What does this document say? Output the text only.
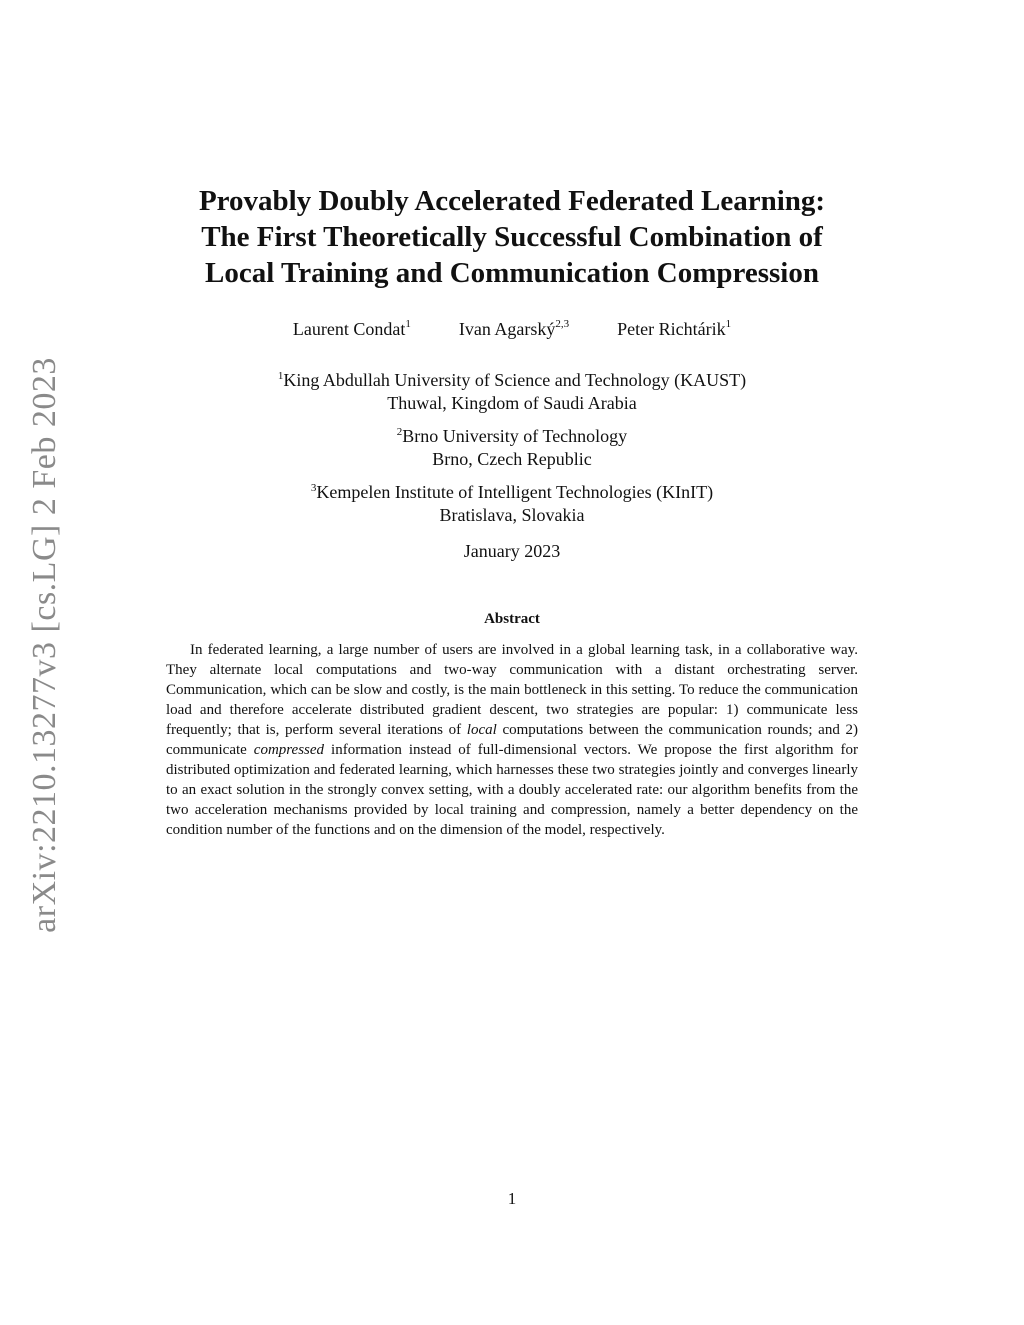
arXiv:2210.13277v3 [cs.LG] 2 Feb 2023
Provably Doubly Accelerated Federated Learning:
The First Theoretically Successful Combination of
Local Training and Communication Compression
Laurent Condat$^1$	Ivan Agarský$^{2,3}$	Peter Richtárik$^1$
$^1$King Abdullah University of Science and Technology (KAUST)
Thuwal, Kingdom of Saudi Arabia
$^2$Brno University of Technology
Brno, Czech Republic
$^3$Kempelen Institute of Intelligent Technologies (KInIT)
Bratislava, Slovakia
January 2023
Abstract
In federated learning, a large number of users are involved in a global learning task, in a collaborative way. They alternate local computations and two-way communication with a distant orchestrating server. Communication, which can be slow and costly, is the main bottleneck in this setting. To reduce the communication load and therefore accelerate distributed gradient descent, two strategies are popular: 1) communicate less frequently; that is, perform several iterations of local computations between the communication rounds; and 2) communicate compressed information instead of full-dimensional vectors. We propose the first algorithm for distributed optimization and federated learning, which harnesses these two strategies jointly and converges linearly to an exact solution in the strongly convex setting, with a doubly accelerated rate: our algorithm benefits from the two acceleration mechanisms provided by local training and compression, namely a better dependency on the condition number of the functions and on the dimension of the model, respectively.
1
